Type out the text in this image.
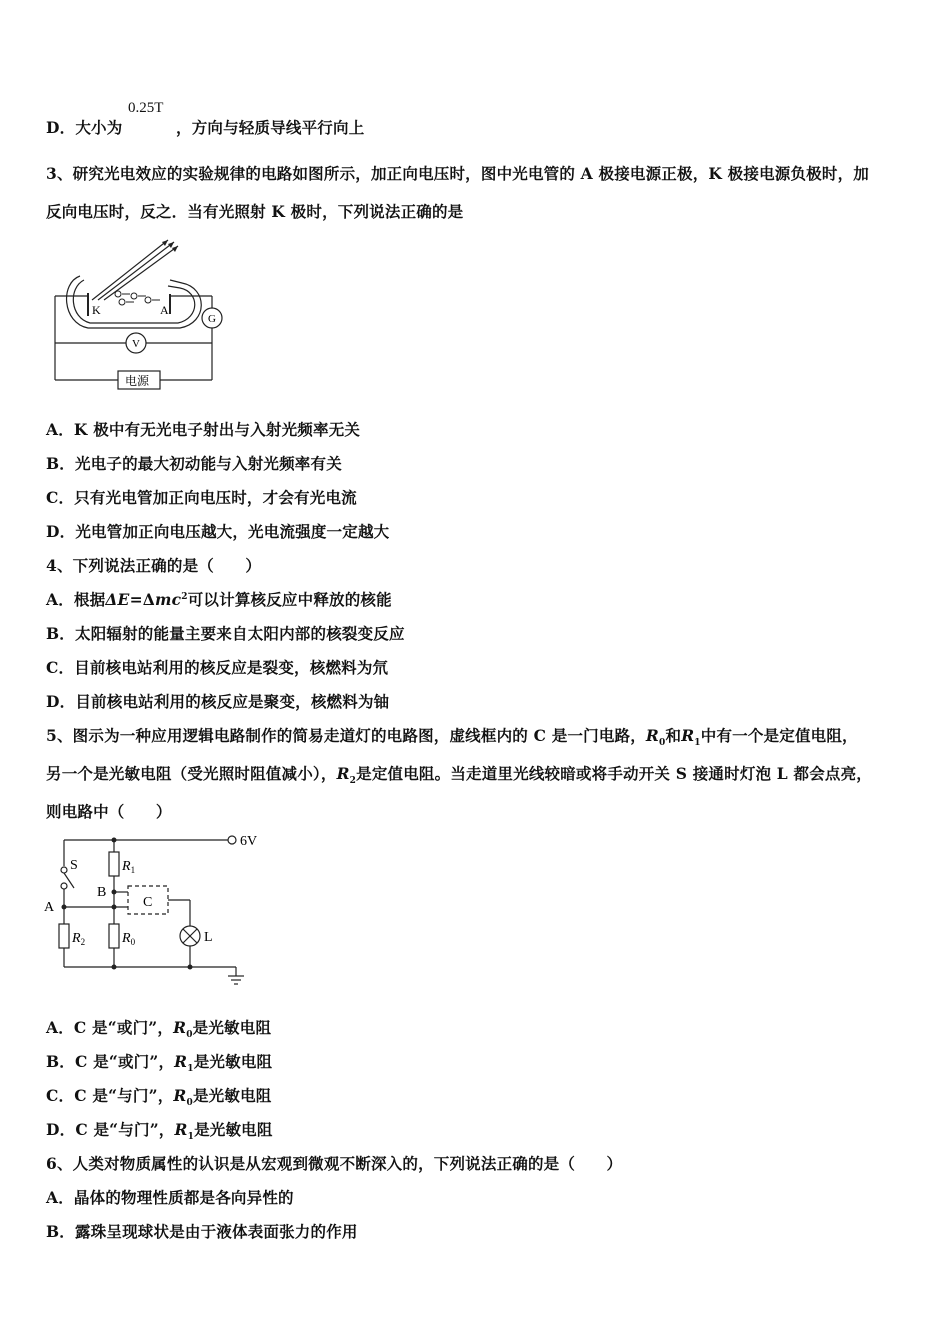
D．大小为
0.25T
，方向与轻质导线平行向上
3、研究光电效应的实验规律的电路如图所示，加正向电压时，图中光电管的 A 极接电源正极，K 极接电源负极时，加
反向电压时，反之．当有光照射 K 极时，下列说法正确的是
K	A
G
V
电源
A．K 极中有无光电子射出与入射光频率无关
B．光电子的最大初动能与入射光频率有关
C．只有光电管加正向电压时，才会有光电流
D．光电管加正向电压越大，光电流强度一定越大
4、下列说法正确的是（　　）
A．根据ΔE=Δmc$^2$可以计算核反应中释放的核能
B．太阳辐射的能量主要来自太阳内部的核裂变反应
C．目前核电站利用的核反应是裂变，核燃料为氘
D．目前核电站利用的核反应是聚变，核燃料为铀
5、图示为一种应用逻辑电路制作的简易走道灯的电路图，虚线框内的 C 是一门电路，$R_0$和$R_1$中有一个是定值电阻，
另一个是光敏电阻（受光照时阻值减小），$R_2$是定值电阻。当走道里光线较暗或将手动开关 S 接通时灯泡 L 都会点亮，
则电路中（　　）
6V
S	$R_1$
B
A	C
$R_2$	$R_0$	L
A．C 是“或门”，$R_0$是光敏电阻
B．C 是“或门”，$R_1$是光敏电阻
C．C 是“与门”，$R_0$是光敏电阻
D．C 是“与门”，$R_1$是光敏电阻
6、人类对物质属性的认识是从宏观到微观不断深入的，下列说法正确的是（　　）
A．晶体的物理性质都是各向异性的
B．露珠呈现球状是由于液体表面张力的作用
